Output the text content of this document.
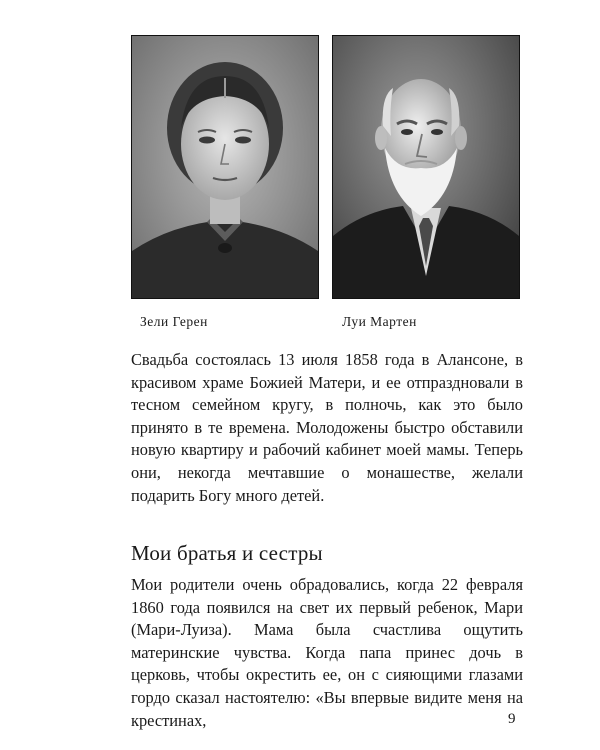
Зели Герен	Луи Мартен

Свадьба состоялась 13 июля 1858 года в Алансоне, в красивом храме Божией Матери, и ее отпраздновали в тесном семейном кругу, в полночь, как это было принято в те времена. Молодожены быстро обставили новую квартиру и рабочий кабинет моей мамы. Теперь они, некогда мечтавшие о монашестве, желали подарить Богу много детей.

Мои братья и сестры

Мои родители очень обрадовались, когда 22 февраля 1860 года появился на свет их первый ребенок, Мари (Мари-Луиза). Мама была счастлива ощутить материнские чувства. Когда папа принес дочь в церковь, чтобы окрестить ее, он с сияющими глазами гордо сказал настоятелю: «Вы впервые видите меня на крестинах,	9
